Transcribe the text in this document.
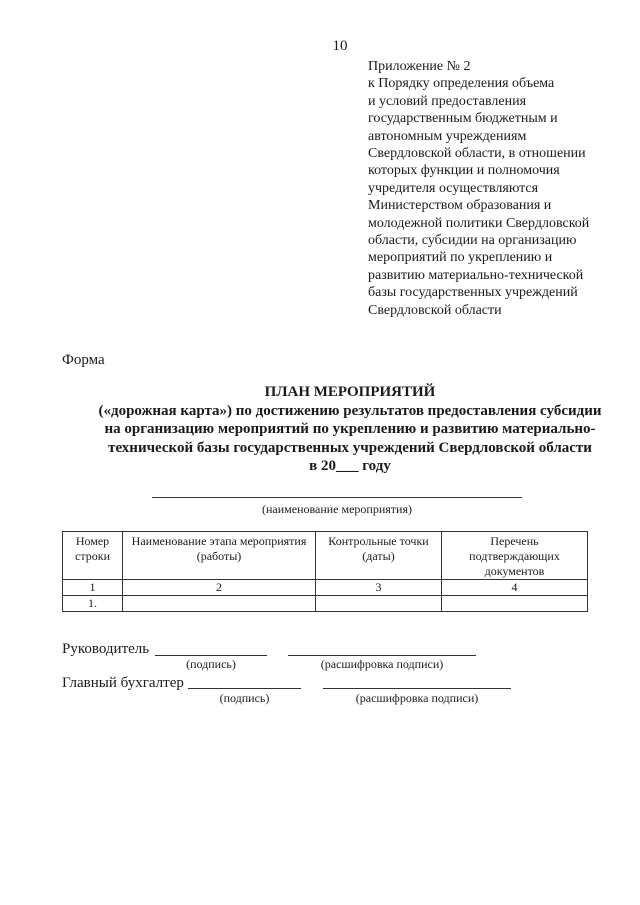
10
Приложение № 2
к Порядку определения объема
и условий предоставления
государственным бюджетным и
автономным учреждениям
Свердловской области, в отношении
которых функции и полномочия
учредителя осуществляются
Министерством образования и
молодежной политики Свердловской
области, субсидии на организацию
мероприятий по укреплению и
развитию материально-технической
базы государственных учреждений
Свердловской области
Форма
ПЛАН МЕРОПРИЯТИЙ
(«дорожная карта») по достижению результатов предоставления субсидии
на организацию мероприятий по укреплению и развитию материально-
технической базы государственных учреждений Свердловской области
в 20___ году
(наименование мероприятия)
Номер строки	Наименование этапа мероприятия (работы)	Контрольные точки (даты)	Перечень подтверждающих документов
1	2	3	4
1.			
Руководитель
(подпись)	(расшифровка подписи)
Главный бухгалтер
(подпись)	(расшифровка подписи)
